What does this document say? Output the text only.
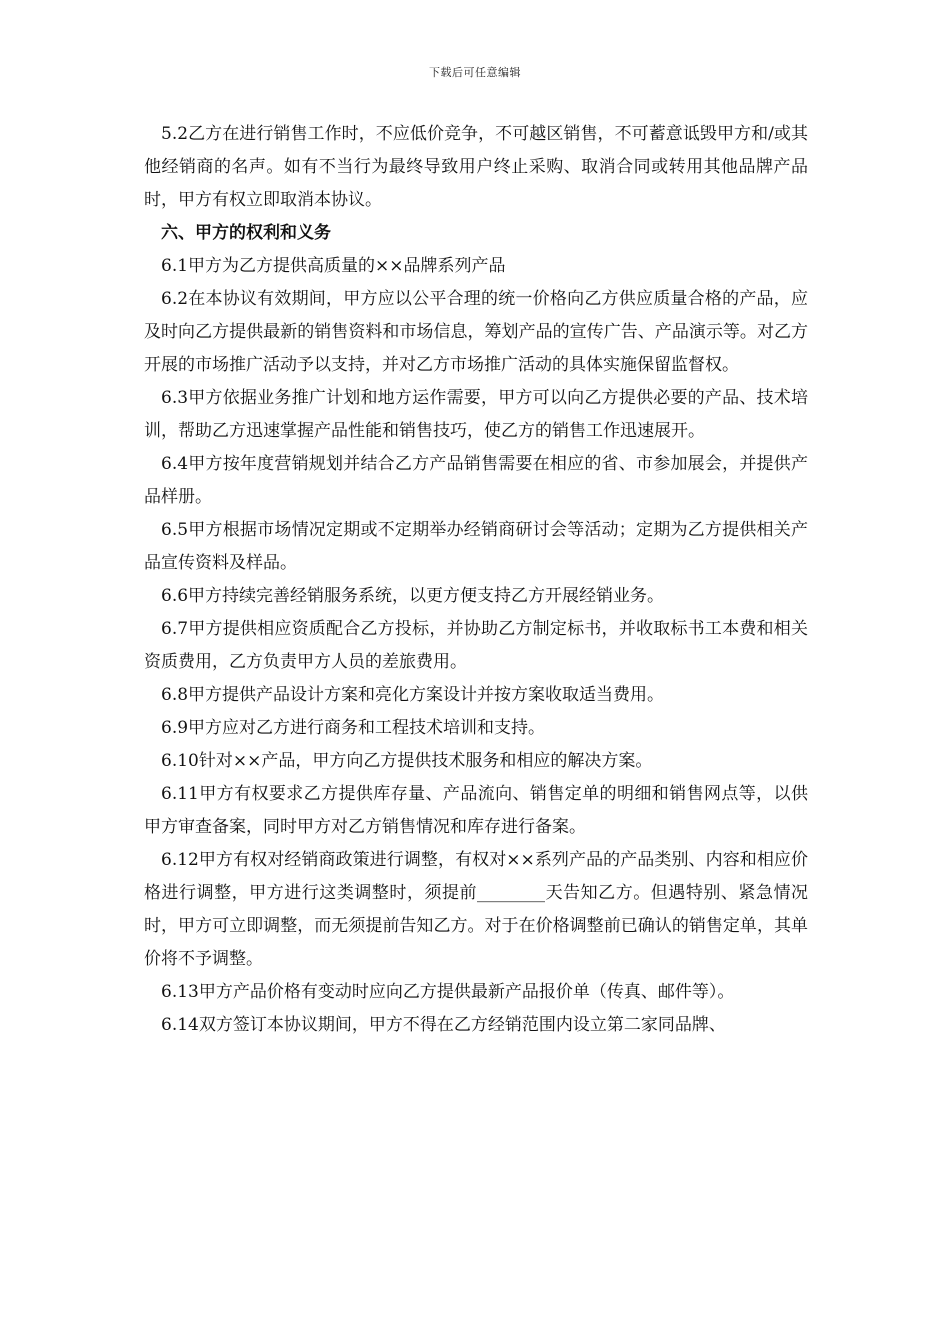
下载后可任意编辑

5.2乙方在进行销售工作时，不应低价竞争，不可越区销售，不可蓄意诋毁甲方和/或其他经销商的名声。如有不当行为最终导致用户终止采购、取消合同或转用其他品牌产品时，甲方有权立即取消本协议。

六、甲方的权利和义务

6.1甲方为乙方提供高质量的××品牌系列产品

6.2在本协议有效期间，甲方应以公平合理的统一价格向乙方供应质量合格的产品，应及时向乙方提供最新的销售资料和市场信息，筹划产品的宣传广告、产品演示等。对乙方开展的市场推广活动予以支持，并对乙方市场推广活动的具体实施保留监督权。

6.3甲方依据业务推广计划和地方运作需要，甲方可以向乙方提供必要的产品、技术培训，帮助乙方迅速掌握产品性能和销售技巧，使乙方的销售工作迅速展开。

6.4甲方按年度营销规划并结合乙方产品销售需要在相应的省、市参加展会，并提供产品样册。

6.5甲方根据市场情况定期或不定期举办经销商研讨会等活动；定期为乙方提供相关产品宣传资料及样品。

6.6甲方持续完善经销服务系统，以更方便支持乙方开展经销业务。

6.7甲方提供相应资质配合乙方投标，并协助乙方制定标书，并收取标书工本费和相关资质费用，乙方负责甲方人员的差旅费用。

6.8甲方提供产品设计方案和亮化方案设计并按方案收取适当费用。

6.9甲方应对乙方进行商务和工程技术培训和支持。

6.10针对××产品，甲方向乙方提供技术服务和相应的解决方案。

6.11甲方有权要求乙方提供库存量、产品流向、销售定单的明细和销售网点等，以供甲方审查备案，同时甲方对乙方销售情况和库存进行备案。

6.12甲方有权对经销商政策进行调整，有权对××系列产品的产品类别、内容和相应价格进行调整，甲方进行这类调整时，须提前________天告知乙方。但遇特别、紧急情况时，甲方可立即调整，而无须提前告知乙方。对于在价格调整前已确认的销售定单，其单价将不予调整。

6.13甲方产品价格有变动时应向乙方提供最新产品报价单（传真、邮件等）。

6.14双方签订本协议期间，甲方不得在乙方经销范围内设立第二家同品牌、
